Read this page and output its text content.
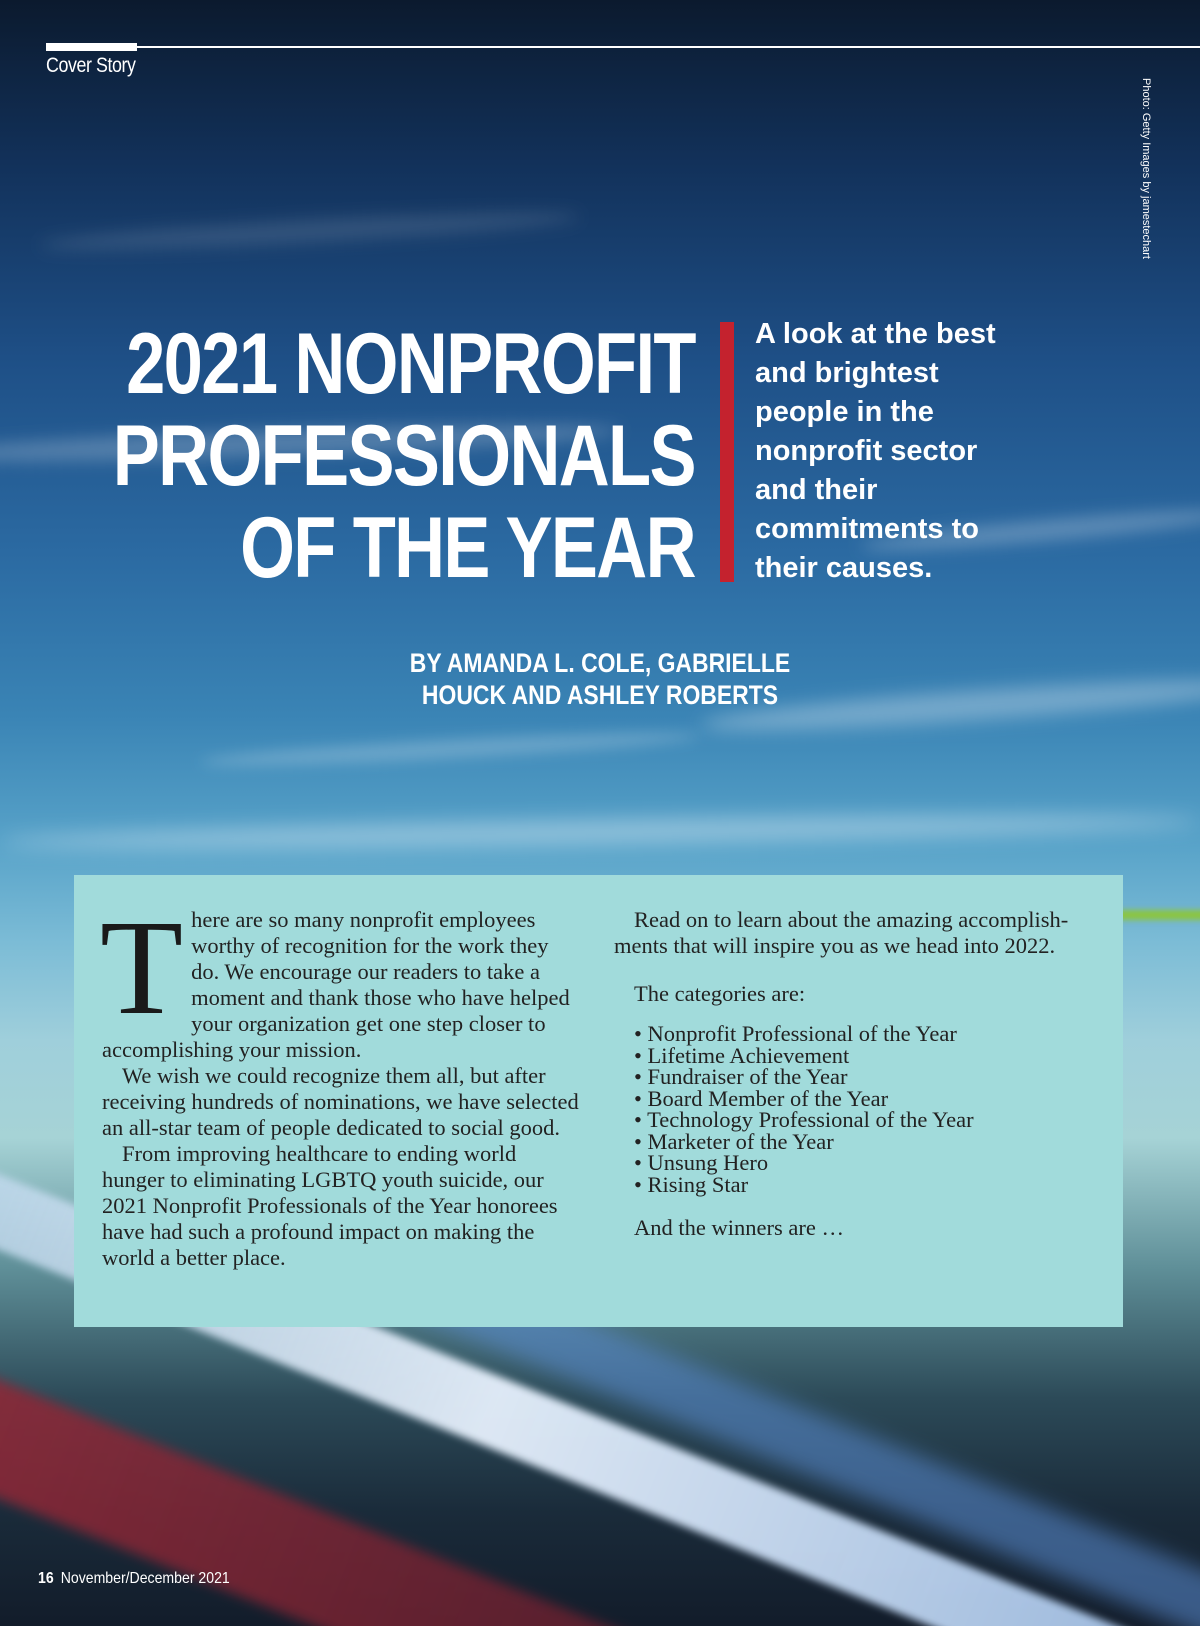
Cover Story
Photo: Getty Images by jamestechart
2021 NONPROFIT
PROFESSIONALS
OF THE YEAR
A look at the best and brightest people in the nonprofit sector and their commitments to their causes.
BY AMANDA L. COLE, GABRIELLE
HOUCK AND ASHLEY ROBERTS

There are so many nonprofit employees worthy of recognition for the work they do. We encourage our readers to take a moment and thank those who have helped your organization get one step closer to accomplishing your mission.

We wish we could recognize them all, but after receiving hundreds of nominations, we have selected an all-star team of people dedicated to social good.

From improving healthcare to ending world hunger to eliminating LGBTQ youth suicide, our 2021 Nonprofit Professionals of the Year honorees have had such a profound impact on making the world a better place.

Read on to learn about the amazing accomplish-ments that will inspire you as we head into 2022.

The categories are:

• Nonprofit Professional of the Year
• Lifetime Achievement
• Fundraiser of the Year
• Board Member of the Year
• Technology Professional of the Year
• Marketer of the Year
• Unsung Hero
• Rising Star

And the winners are …

16 November/December 2021
